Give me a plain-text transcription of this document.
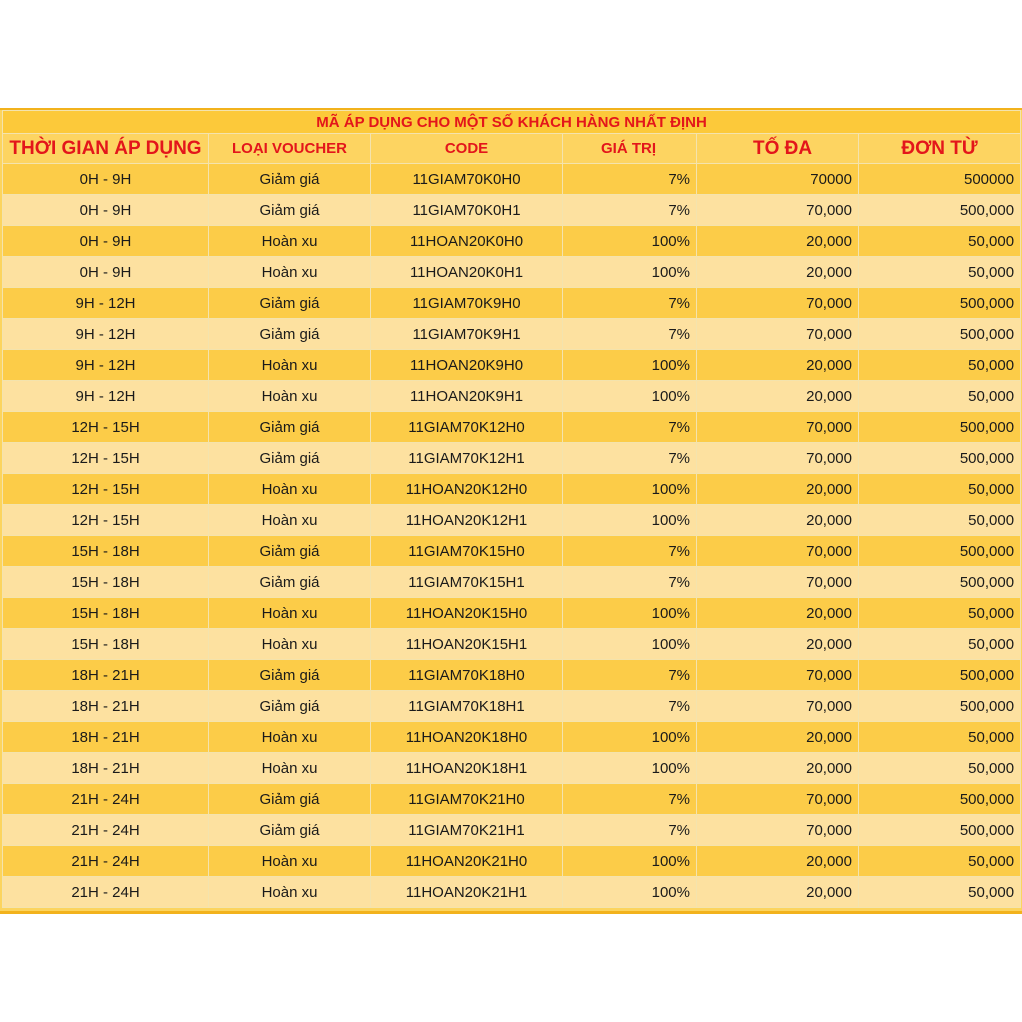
MÃ ÁP DỤNG CHO MỘT SỐ KHÁCH HÀNG NHẤT ĐỊNH					
THỜI GIAN ÁP DỤNG	LOẠI VOUCHER	CODE	GIÁ TRỊ	TỐ ĐA	ĐƠN TỪ
0H - 9H	Giảm giá	11GIAM70K0H0	7%	70000	500000
0H - 9H	Giảm giá	11GIAM70K0H1	7%	70,000	500,000
0H - 9H	Hoàn xu	11HOAN20K0H0	100%	20,000	50,000
0H - 9H	Hoàn xu	11HOAN20K0H1	100%	20,000	50,000
9H - 12H	Giảm giá	11GIAM70K9H0	7%	70,000	500,000
9H - 12H	Giảm giá	11GIAM70K9H1	7%	70,000	500,000
9H - 12H	Hoàn xu	11HOAN20K9H0	100%	20,000	50,000
9H - 12H	Hoàn xu	11HOAN20K9H1	100%	20,000	50,000
12H - 15H	Giảm giá	11GIAM70K12H0	7%	70,000	500,000
12H - 15H	Giảm giá	11GIAM70K12H1	7%	70,000	500,000
12H - 15H	Hoàn xu	11HOAN20K12H0	100%	20,000	50,000
12H - 15H	Hoàn xu	11HOAN20K12H1	100%	20,000	50,000
15H - 18H	Giảm giá	11GIAM70K15H0	7%	70,000	500,000
15H - 18H	Giảm giá	11GIAM70K15H1	7%	70,000	500,000
15H - 18H	Hoàn xu	11HOAN20K15H0	100%	20,000	50,000
15H - 18H	Hoàn xu	11HOAN20K15H1	100%	20,000	50,000
18H - 21H	Giảm giá	11GIAM70K18H0	7%	70,000	500,000
18H - 21H	Giảm giá	11GIAM70K18H1	7%	70,000	500,000
18H - 21H	Hoàn xu	11HOAN20K18H0	100%	20,000	50,000
18H - 21H	Hoàn xu	11HOAN20K18H1	100%	20,000	50,000
21H - 24H	Giảm giá	11GIAM70K21H0	7%	70,000	500,000
21H - 24H	Giảm giá	11GIAM70K21H1	7%	70,000	500,000
21H - 24H	Hoàn xu	11HOAN20K21H0	100%	20,000	50,000
21H - 24H	Hoàn xu	11HOAN20K21H1	100%	20,000	50,000
